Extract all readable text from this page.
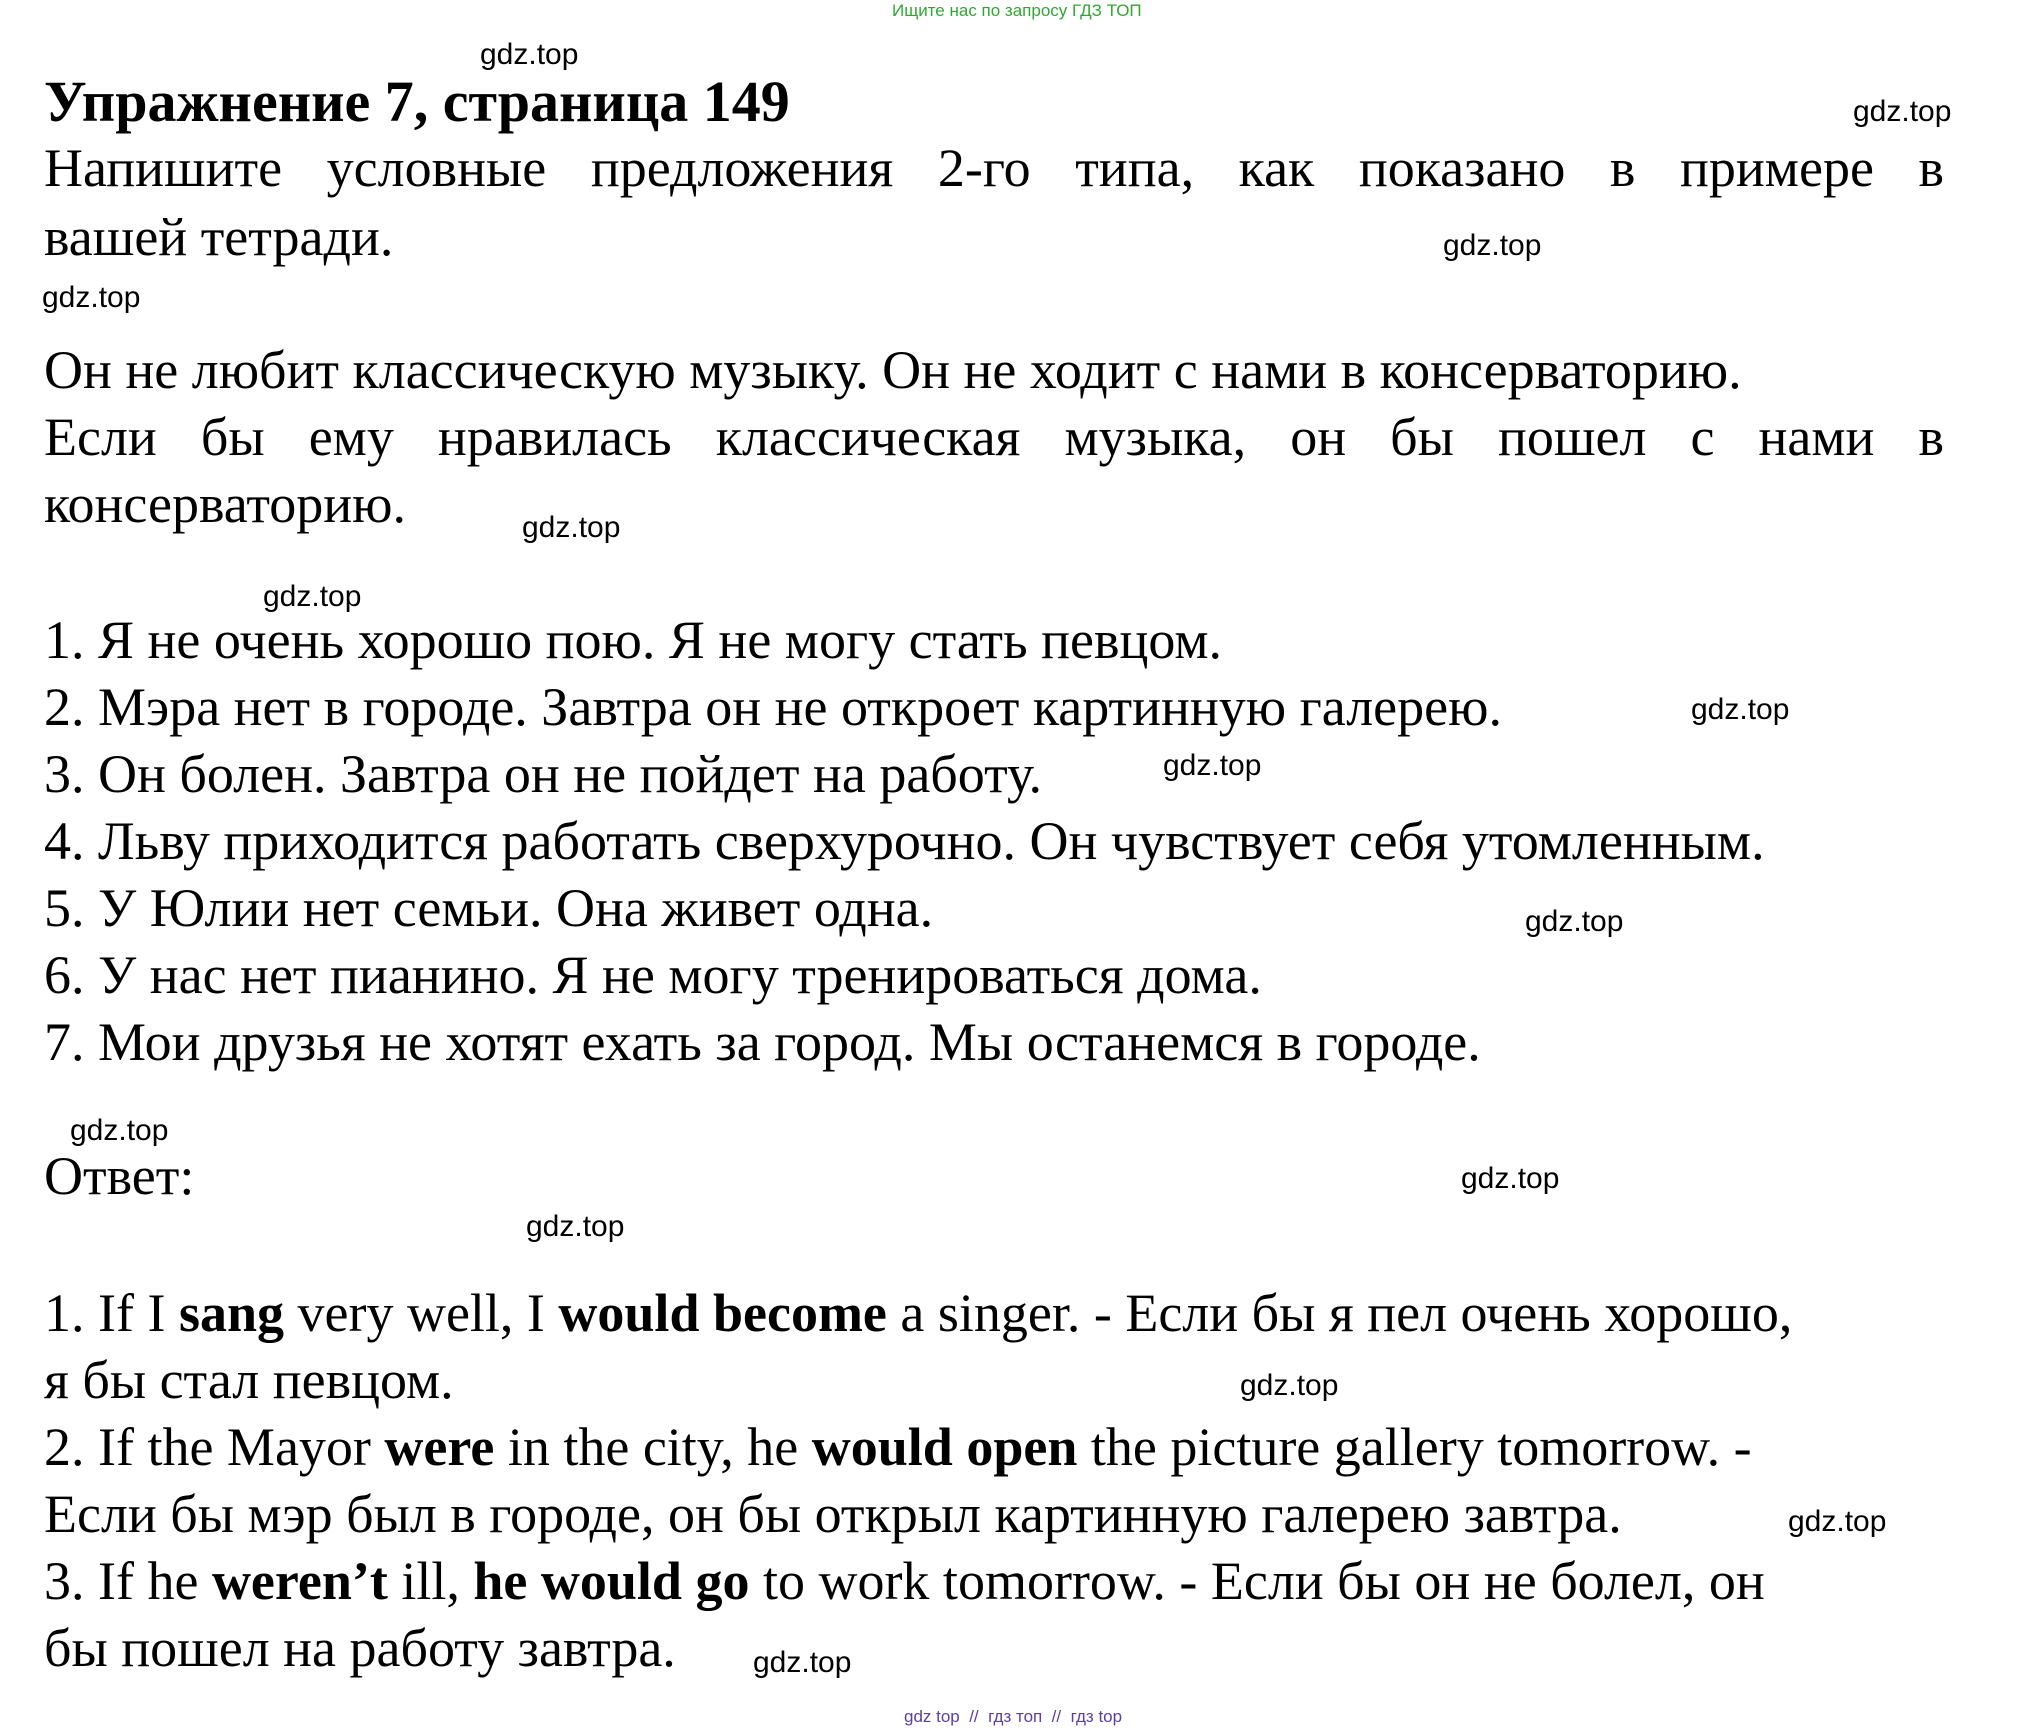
Ищите нас по запросу ГДЗ ТОП
Упражнение 7, страница 149
Напишите условные предложения 2-го типа, как показано в примере в
вашей тетради.
Он не любит классическую музыку. Он не ходит с нами в консерваторию.
Если бы ему нравилась классическая музыка, он бы пошел с нами в
консерваторию.
1. Я не очень хорошо пою. Я не могу стать певцом.
2. Мэра нет в городе. Завтра он не откроет картинную галерею.
3. Он болен. Завтра он не пойдет на работу.
4. Льву приходится работать сверхурочно. Он чувствует себя утомленным.
5. У Юлии нет семьи. Она живет одна.
6. У нас нет пианино. Я не могу тренироваться дома.
7. Мои друзья не хотят ехать за город. Мы останемся в городе.
Ответ:
1. If I sang very well, I would become a singer. - Если бы я пел очень хорошо,
я бы стал певцом.
2. If the Mayor were in the city, he would open the picture gallery tomorrow. -
Если бы мэр был в городе, он бы открыл картинную галерею завтра.
3. If he weren’t ill, he would go to work tomorrow. - Если бы он не болел, он
бы пошел на работу завтра.
gdz.top
gdz.top
gdz.top
gdz.top
gdz.top
gdz.top
gdz.top
gdz.top
gdz.top
gdz.top
gdz.top
gdz.top
gdz.top
gdz.top
gdz.top
gdz top  //  гдз топ  //  гдз top
